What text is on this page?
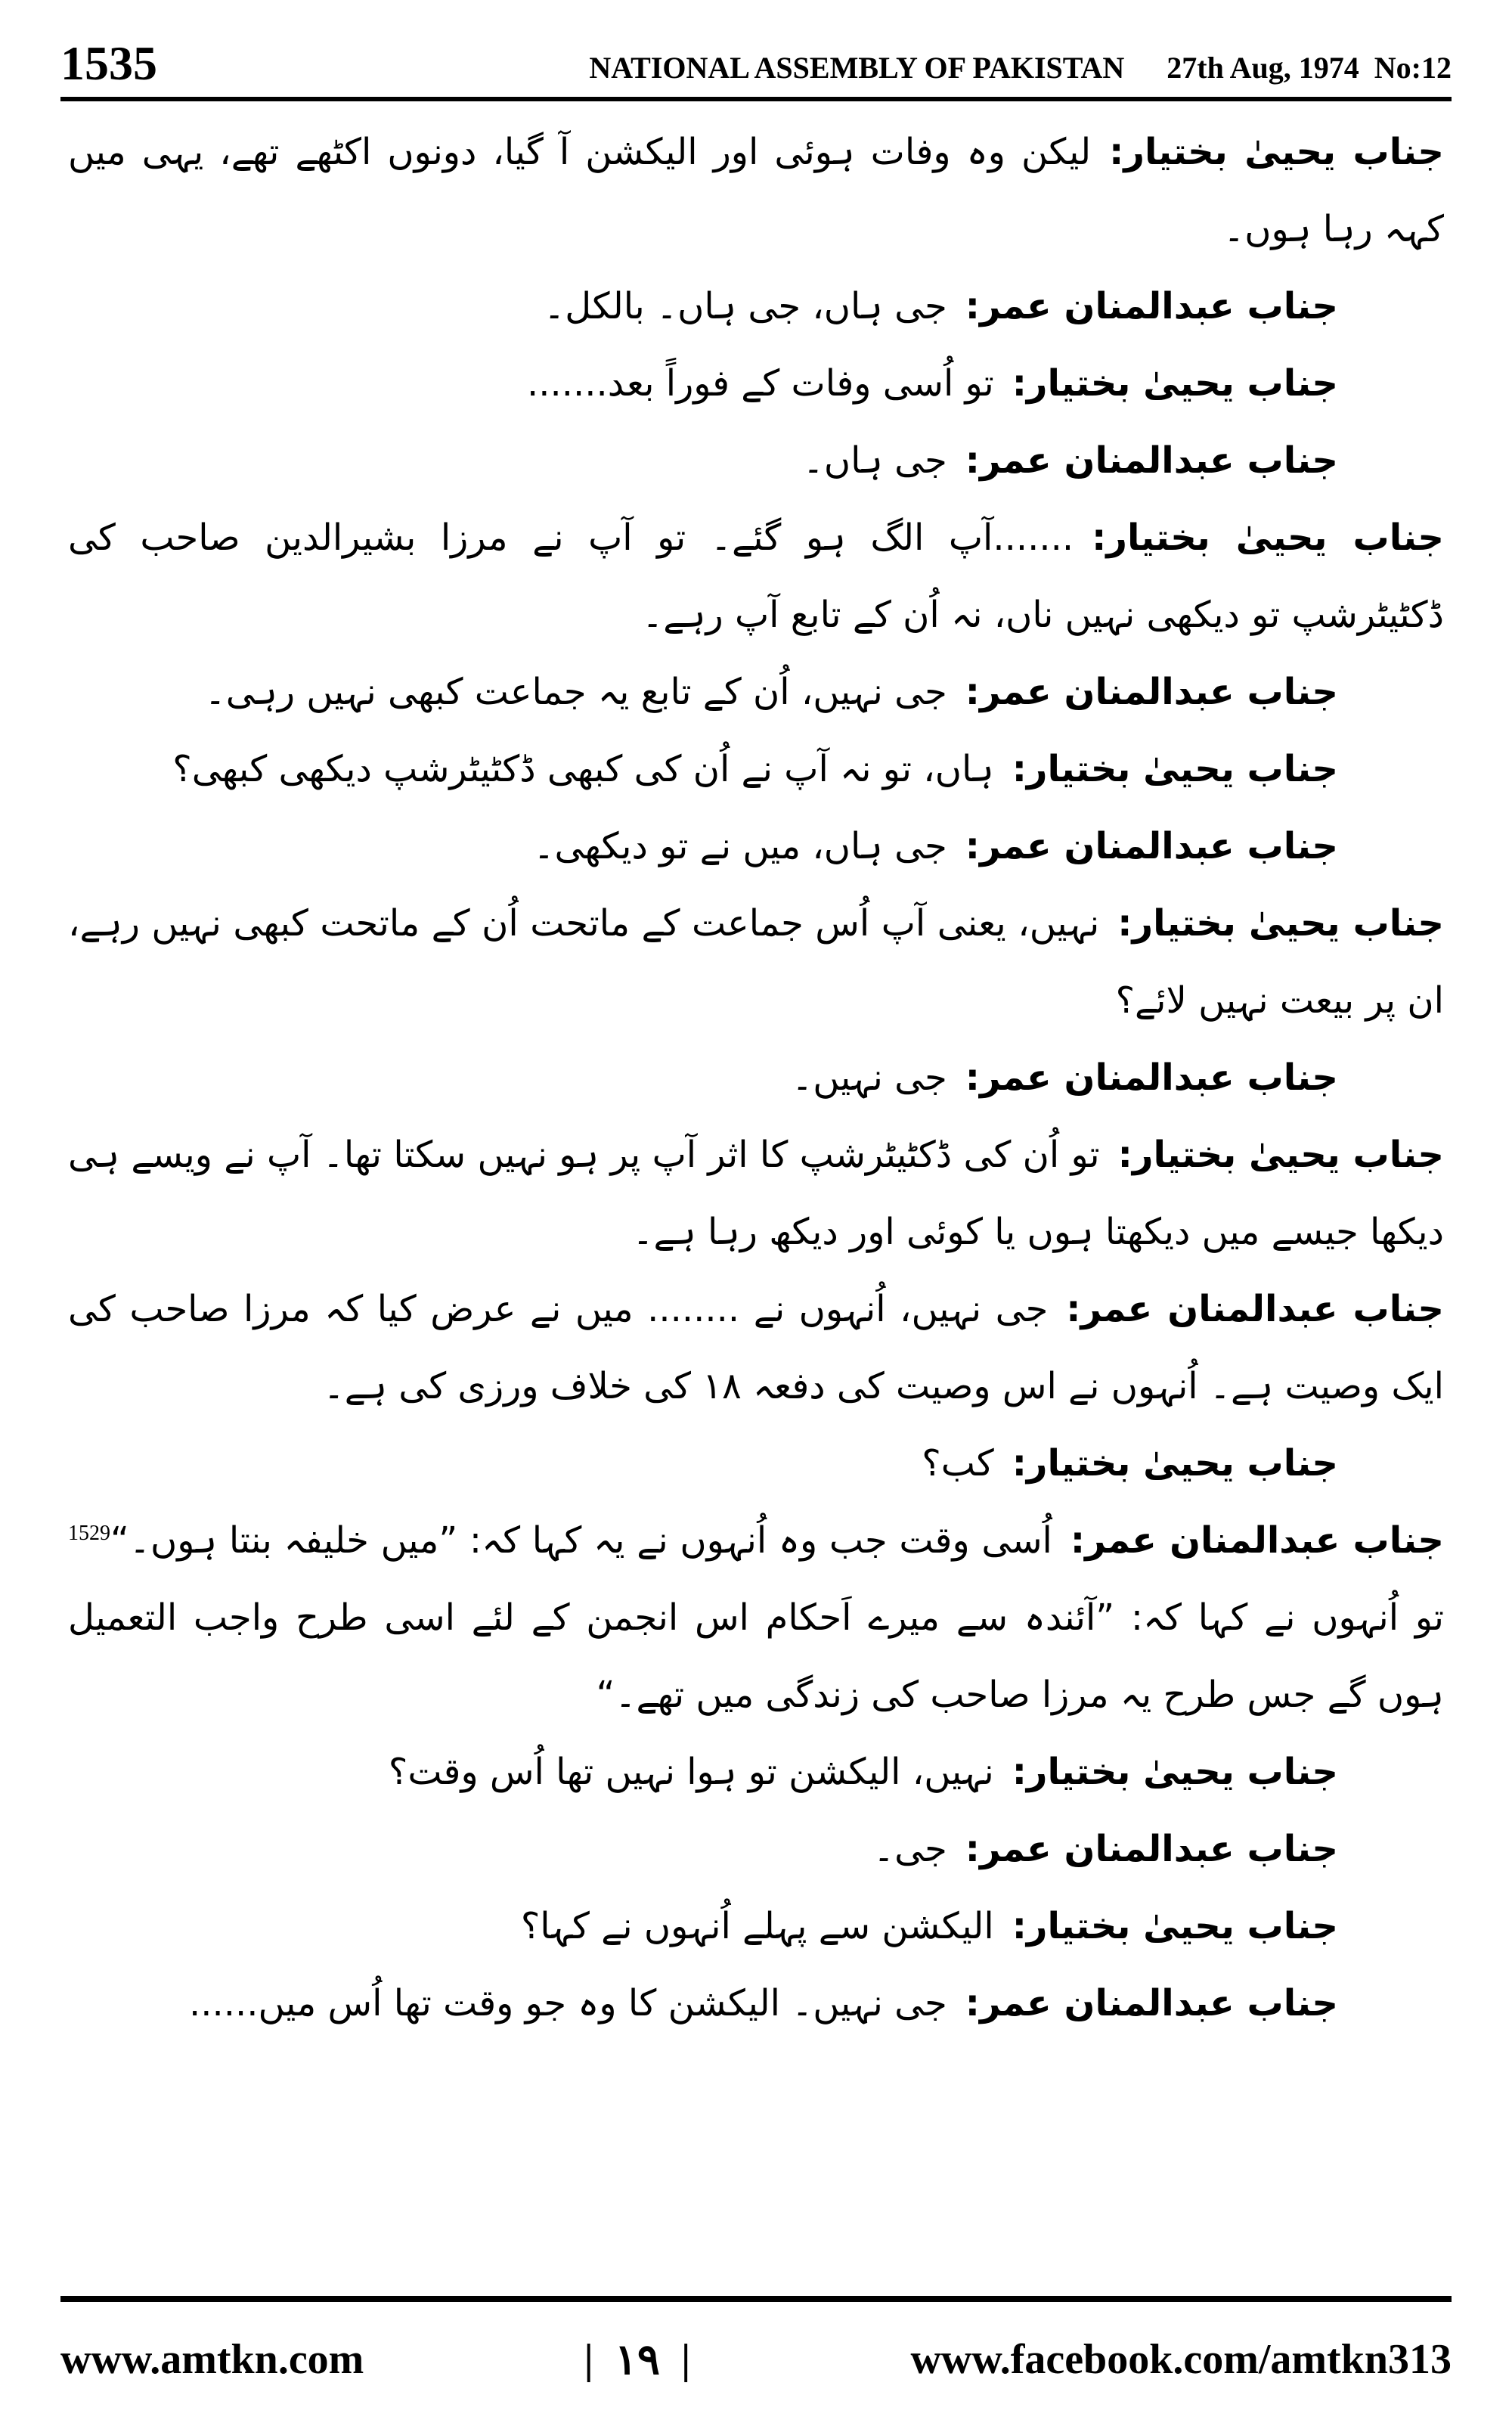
1535	NATIONAL ASSEMBLY OF PAKISTAN 27th Aug, 1974 No:12

جناب یحییٰ بختیار:لیکن وہ وفات ہوئی اور الیکشن آ گیا، دونوں اکٹھے تھے، یہی میں کہہ رہا ہوں۔

جناب عبدالمنان عمر:جی ہاں، جی ہاں۔ بالکل۔

جناب یحییٰ بختیار:تو اُسی وفات کے فوراً بعد.......

جناب عبدالمنان عمر:جی ہاں۔

جناب یحییٰ بختیار:.......آپ الگ ہو گئے۔ تو آپ نے مرزا بشیرالدین صاحب کی ڈکٹیٹرشپ تو دیکھی نہیں ناں، نہ اُن کے تابع آپ رہے۔

جناب عبدالمنان عمر:جی نہیں، اُن کے تابع یہ جماعت کبھی نہیں رہی۔

جناب یحییٰ بختیار:ہاں، تو نہ آپ نے اُن کی کبھی ڈکٹیٹرشپ دیکھی کبھی؟

جناب عبدالمنان عمر:جی ہاں، میں نے تو دیکھی۔

جناب یحییٰ بختیار:نہیں، یعنی آپ اُس جماعت کے ماتحت اُن کے ماتحت کبھی نہیں رہے، ان پر بیعت نہیں لائے؟

جناب عبدالمنان عمر:جی نہیں۔

جناب یحییٰ بختیار:تو اُن کی ڈکٹیٹرشپ کا اثر آپ پر ہو نہیں سکتا تھا۔ آپ نے ویسے ہی دیکھا جیسے میں دیکھتا ہوں یا کوئی اور دیکھ رہا ہے۔

جناب عبدالمنان عمر:جی نہیں، اُنہوں نے ........ میں نے عرض کیا کہ مرزا صاحب کی ایک وصیت ہے۔ اُنہوں نے اس وصیت کی دفعہ ۱۸ کی خلاف ورزی کی ہے۔

جناب یحییٰ بختیار:کب؟

جناب عبدالمنان عمر:اُسی وقت جب وہ اُنہوں نے یہ کہا کہ: ”میں خلیفہ بنتا ہوں۔“$^{1529}$ تو اُنہوں نے کہا کہ: ”آئندہ سے میرے اَحکام اس انجمن کے لئے اسی طرح واجب التعمیل ہوں گے جس طرح یہ مرزا صاحب کی زندگی میں تھے۔“

جناب یحییٰ بختیار:نہیں، الیکشن تو ہوا نہیں تھا اُس وقت؟

جناب عبدالمنان عمر:جی۔

جناب یحییٰ بختیار:الیکشن سے پہلے اُنہوں نے کہا؟

جناب عبدالمنان عمر:جی نہیں۔ الیکشن کا وہ جو وقت تھا اُس میں......

www.amtkn.com	| ۱۹ |	www.facebook.com/amtkn313
